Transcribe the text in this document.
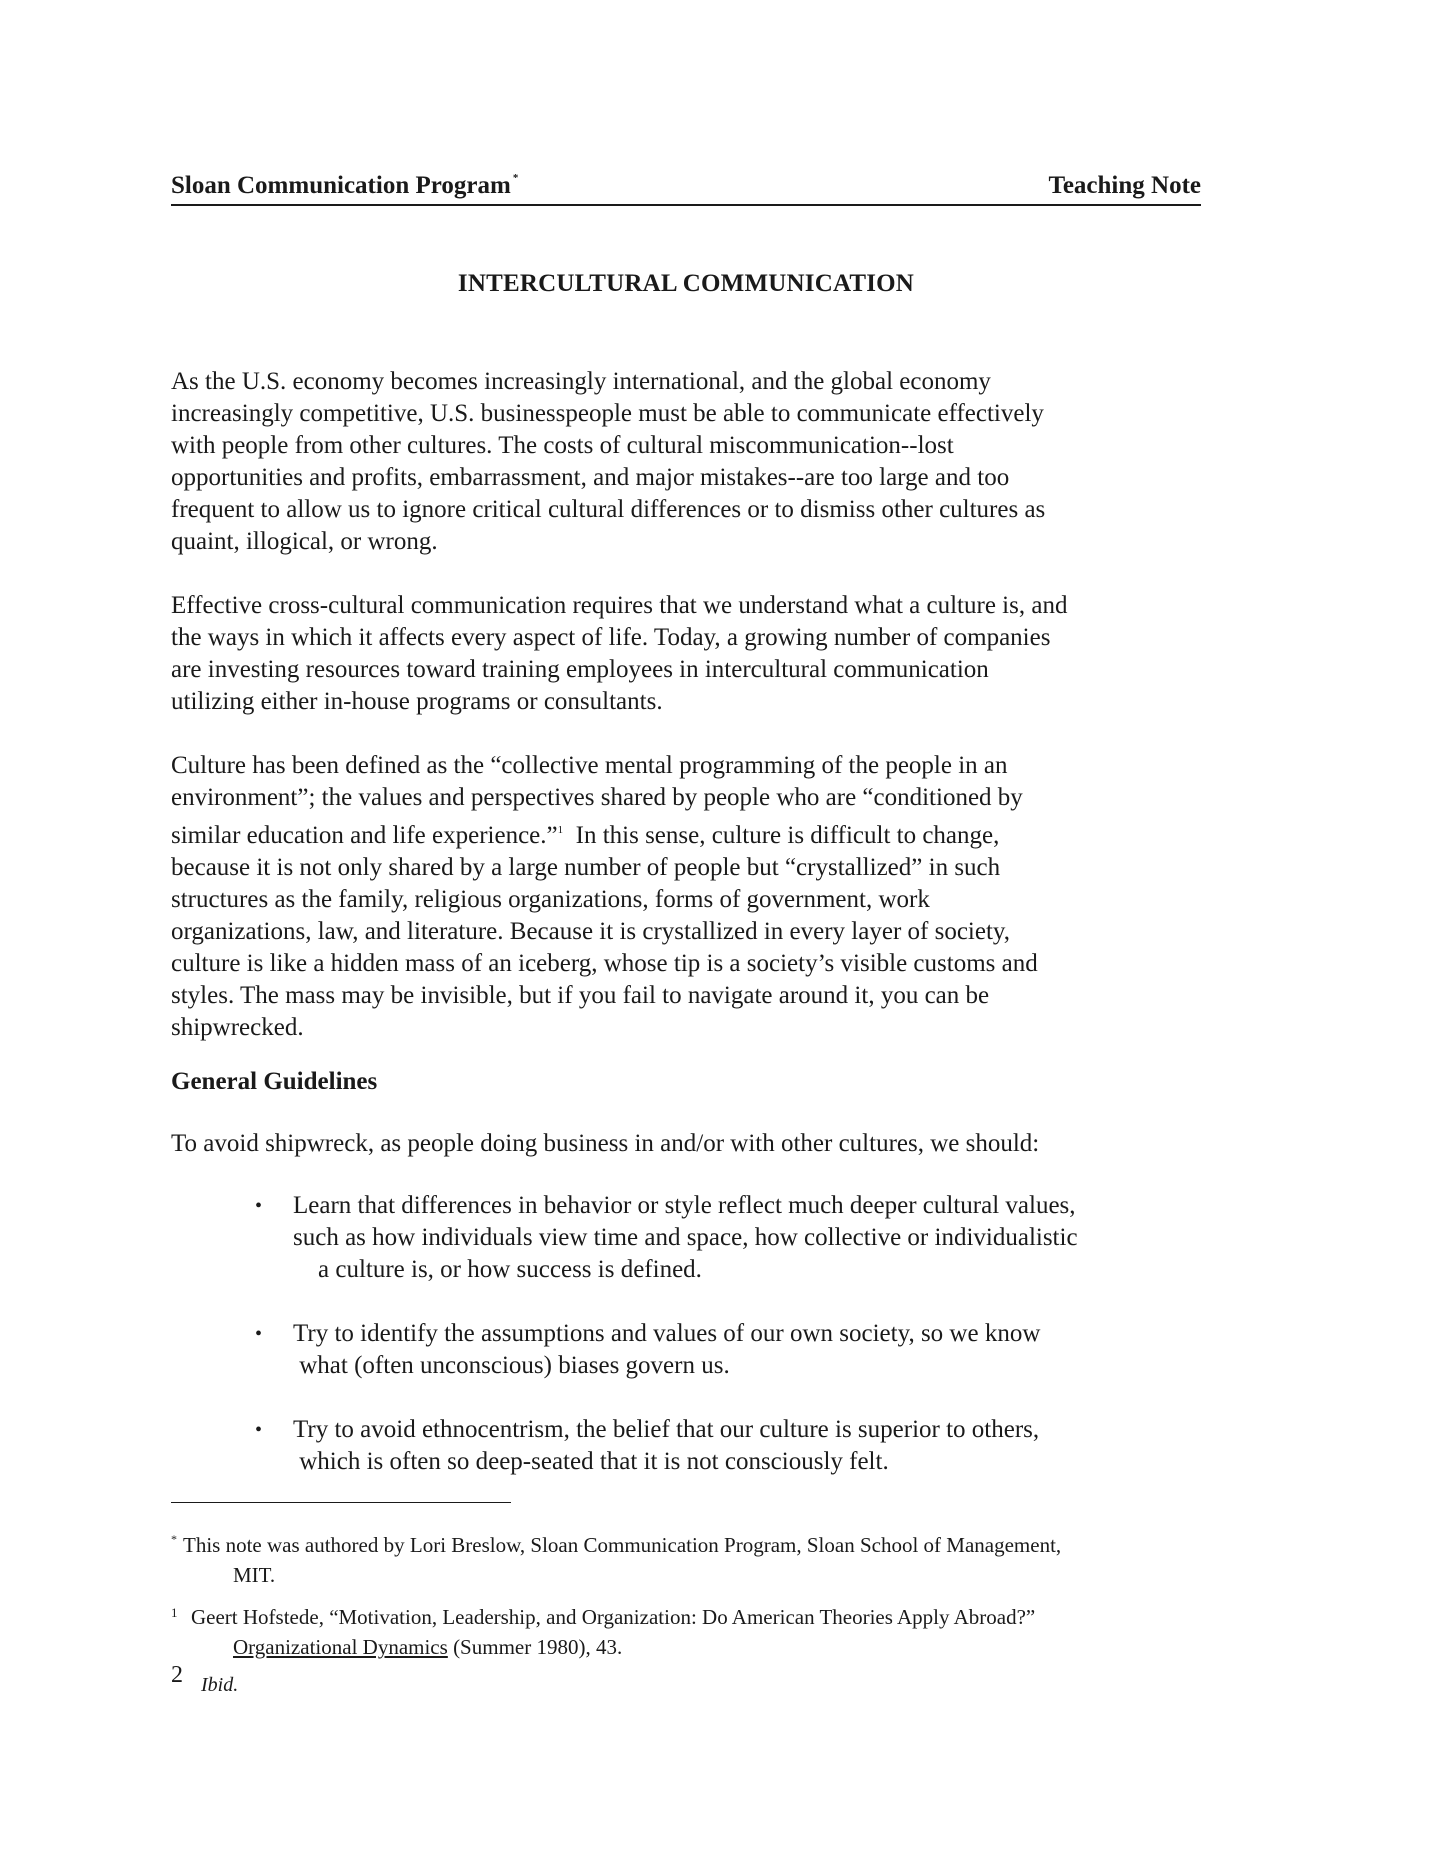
Sloan Communication Program *	Teaching Note
INTERCULTURAL COMMUNICATION

As the U.S. economy becomes increasingly international, and the global economy
increasingly competitive, U.S. businesspeople must be able to communicate effectively
with people from other cultures. The costs of cultural miscommunication--lost
opportunities and profits, embarrassment, and major mistakes--are too large and too
frequent to allow us to ignore critical cultural differences or to dismiss other cultures as
quaint, illogical, or wrong.

Effective cross-cultural communication requires that we understand what a culture is, and
the ways in which it affects every aspect of life. Today, a growing number of companies
are investing resources toward training employees in intercultural communication
utilizing either in-house programs or consultants.

Culture has been defined as the “collective mental programming of the people in an
environment”; the values and perspectives shared by people who are “conditioned by
similar education and life experience.”$^1$  In this sense, culture is difficult to change,
because it is not only shared by a large number of people but “crystallized” in such
structures as the family, religious organizations, forms of government, work
organizations, law, and literature. Because it is crystallized in every layer of society,
culture is like a hidden mass of an iceberg, whose tip is a society’s visible customs and
styles. The mass may be invisible, but if you fail to navigate around it, you can be
shipwrecked.

General Guidelines
To avoid shipwreck, as people doing business in and/or with other cultures, we should:
• Learn that differences in behavior or style reflect much deeper cultural values,
such as how individuals view time and space, how collective or individualistic
a culture is, or how success is defined.
• Try to identify the assumptions and values of our own society, so we know
what (often unconscious) biases govern us.
• Try to avoid ethnocentrism, the belief that our culture is superior to others,
which is often so deep-seated that it is not consciously felt.
* This note was authored by Lori Breslow, Sloan Communication Program, Sloan School of Management,
MIT.
1 Geert Hofstede, “Motivation, Leadership, and Organization: Do American Theories Apply Abroad?”
Organizational Dynamics (Summer 1980), 43.
2 Ibid.
